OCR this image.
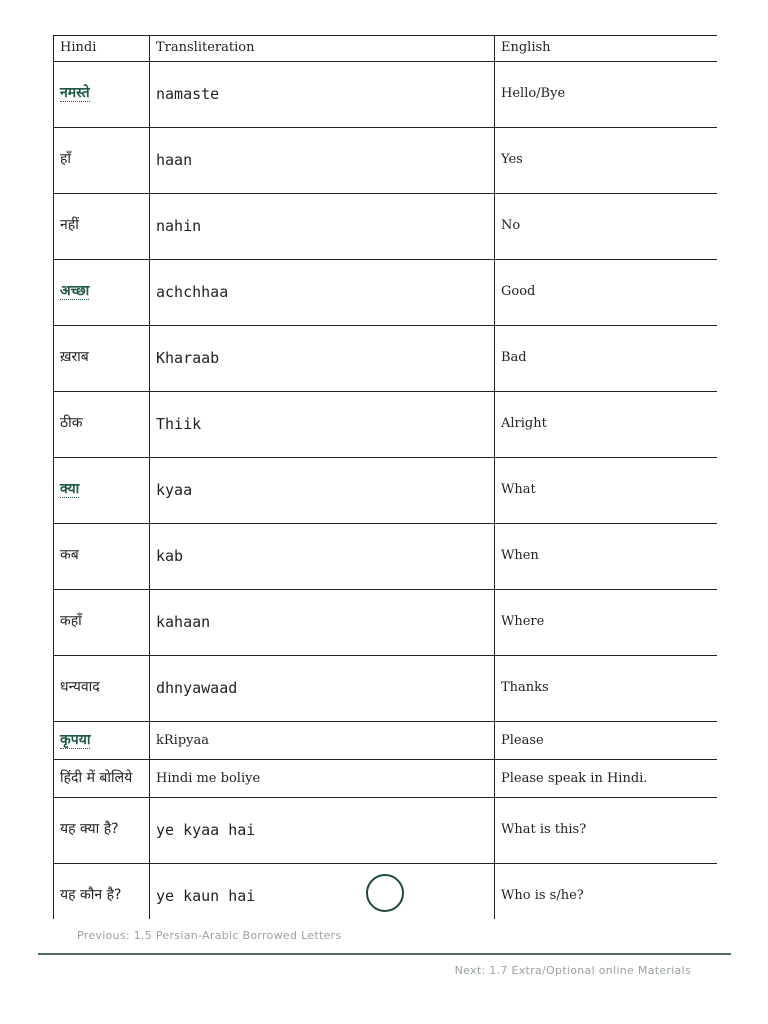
Hindi	Transliteration	English

नमस्ते	namaste	Hello/Bye

हाँ	haan	Yes

नहीं	nahin	No

अच्छा	achchhaa	Good

ख़राब	Kharaab	Bad

ठीक	Thiik	Alright

क्या	kyaa	What

कब	kab	When

कहाँ	kahaan	Where

धन्यवाद	dhnyawaad	Thanks

कृपया	kRipyaa	Please

हिंदी में बोलिये	Hindi me boliye	Please speak in Hindi.

यह क्या है?	ye kyaa hai	What is this?

यह कौन है?	ye kaun hai	Who is s/he?
Previous: 1.5 Persian-Arabic Borrowed Letters
Next: 1.7 Extra/Optional online Materials
